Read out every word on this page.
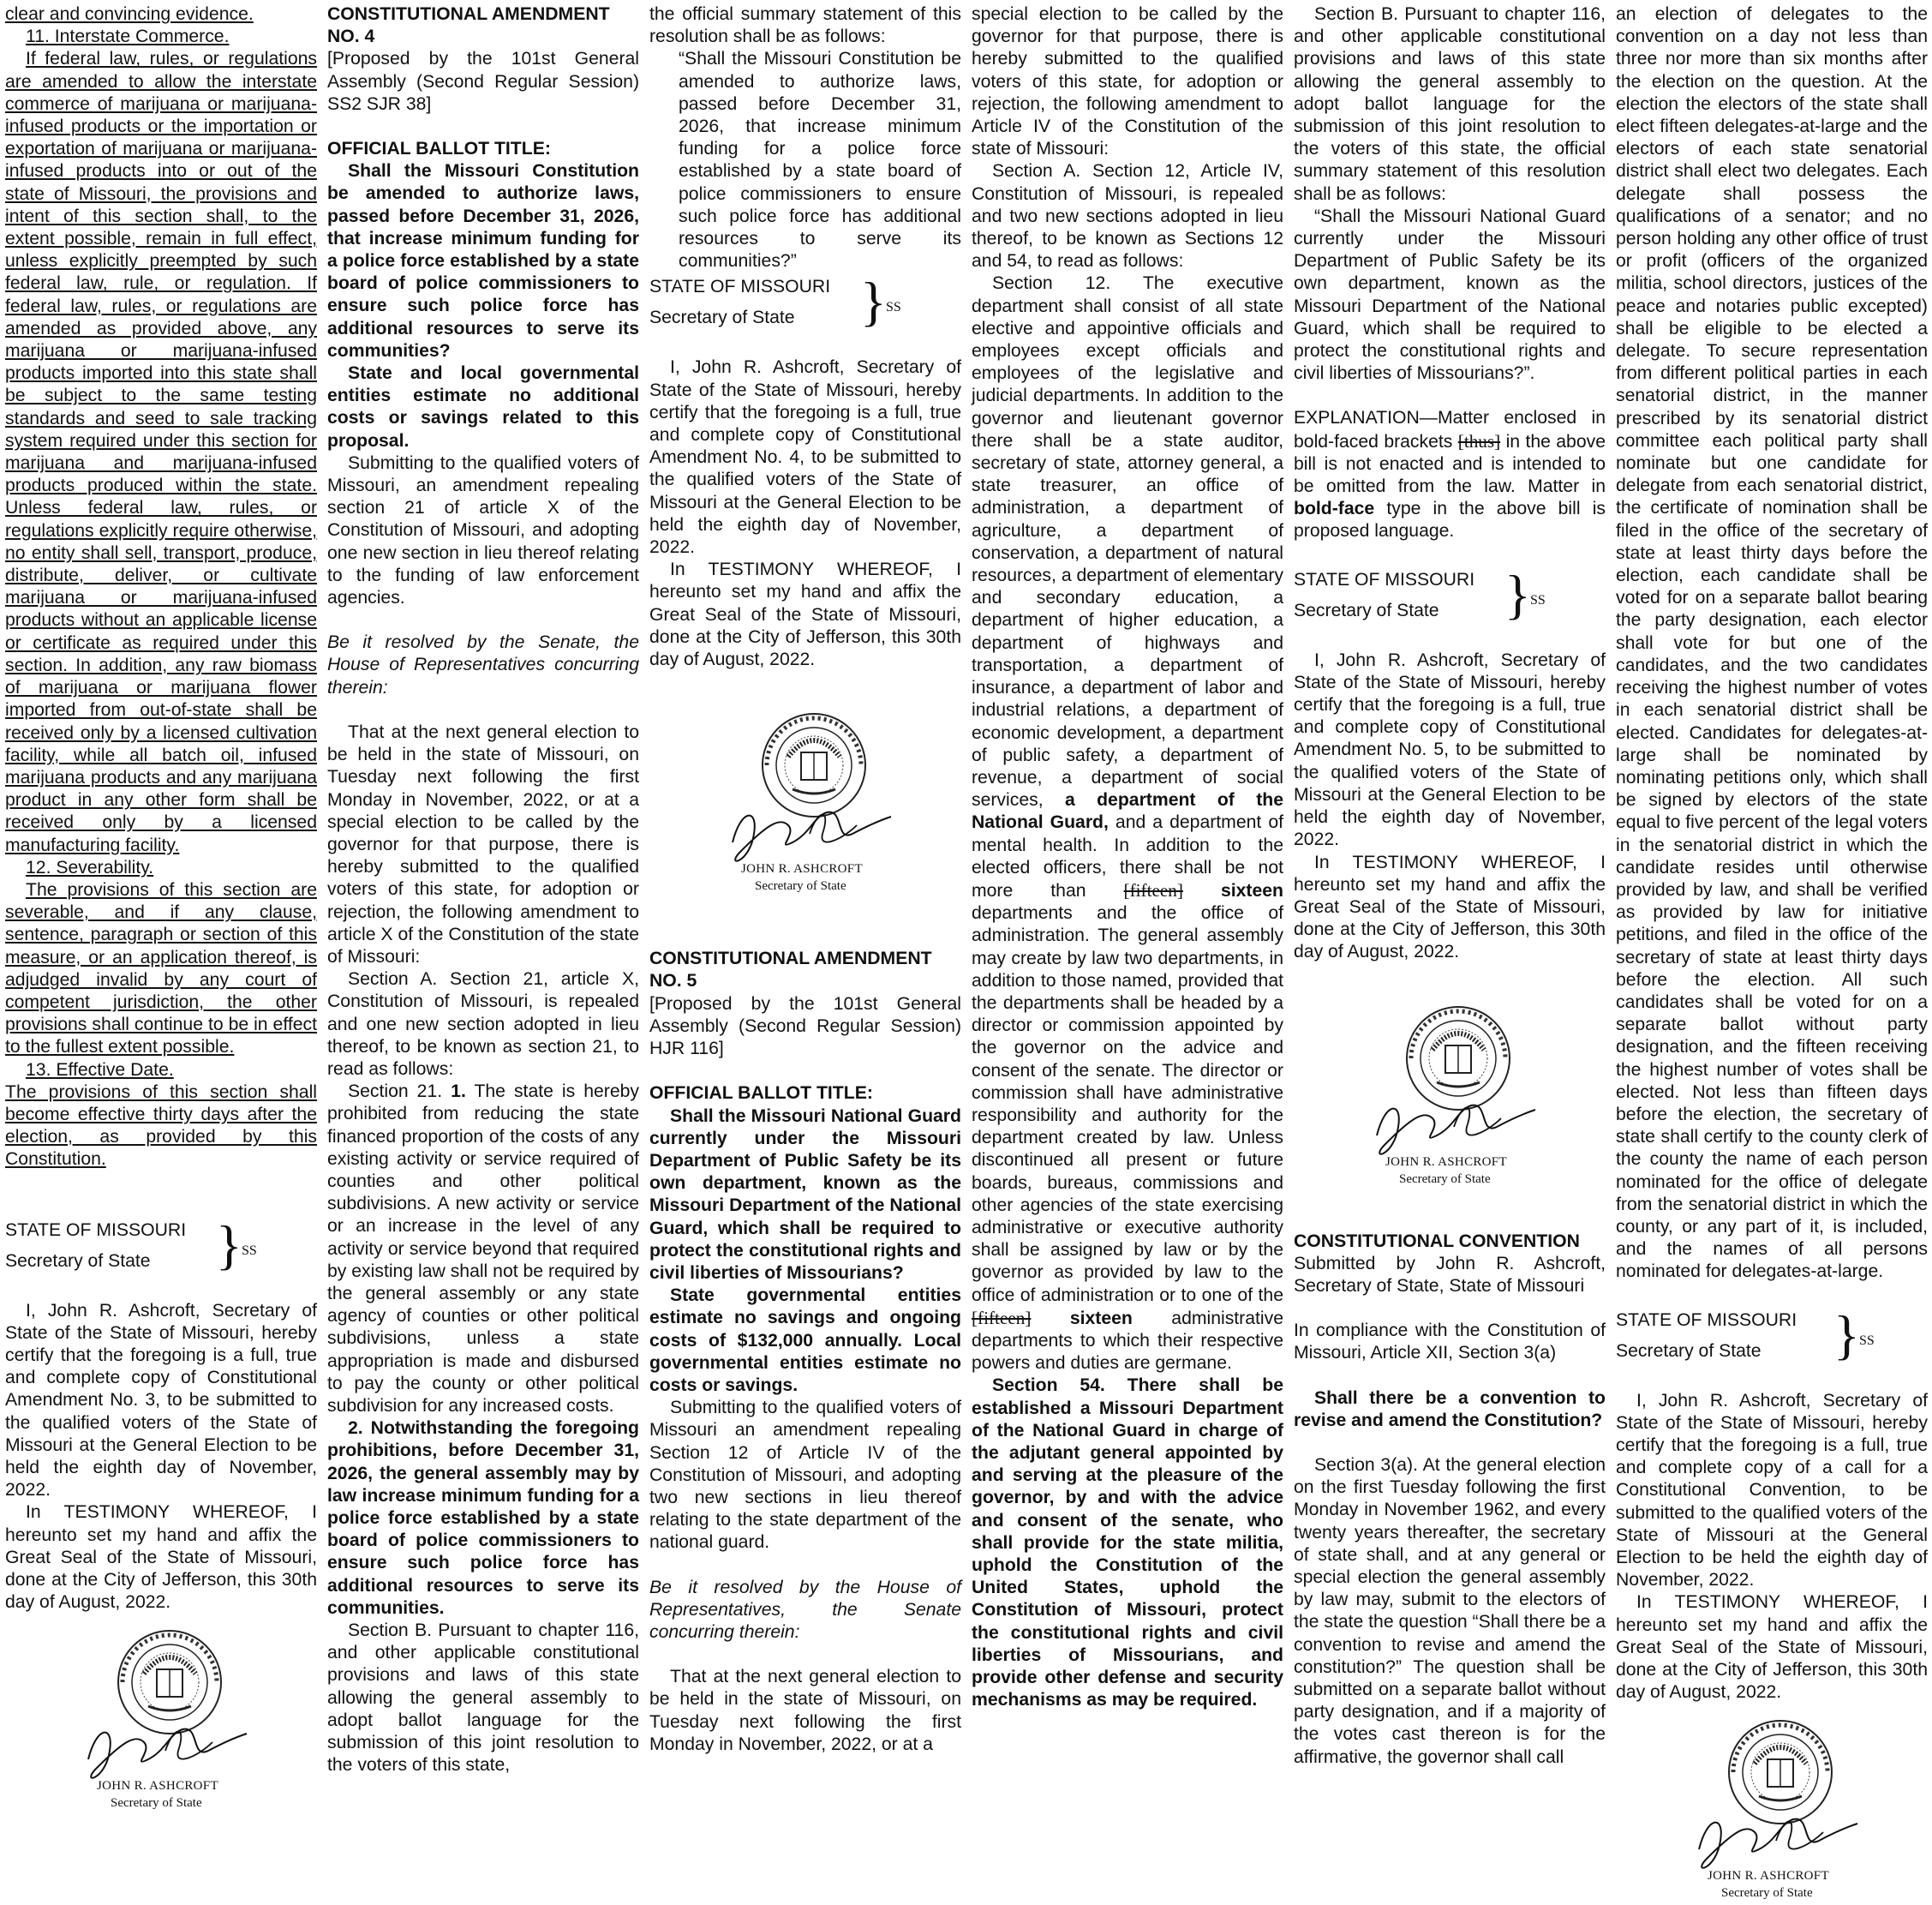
clear and convincing evidence.

11. Interstate Commerce.

If federal law, rules, or regulations are amended to allow the interstate commerce of marijuana or marijuana-infused products or the importation or exportation of marijuana or marijuana-infused products into or out of the state of Missouri, the provisions and intent of this section shall, to the extent possible, remain in full effect, unless explicitly preempted by such federal law, rule, or regulation. If federal law, rules, or regulations are amended as provided above, any marijuana or marijuana-infused products imported into this state shall be subject to the same testing standards and seed to sale tracking system required under this section for marijuana and marijuana-infused products produced within the state. Unless federal law, rules, or regulations explicitly require otherwise, no entity shall sell, transport, produce, distribute, deliver, or cultivate marijuana or marijuana-infused products without an applicable license or certificate as required under this section. In addition, any raw biomass of marijuana or marijuana flower imported from out-of-state shall be received only by a licensed cultivation facility, while all batch oil, infused marijuana products and any marijuana product in any other form shall be received only by a licensed manufacturing facility.

12. Severability.

The provisions of this section are severable, and if any clause, sentence, paragraph or section of this measure, or an application thereof, is adjudged invalid by any court of competent jurisdiction, the other provisions shall continue to be in effect to the fullest extent possible.

13. Effective Date.

The provisions of this section shall become effective thirty days after the election, as provided by this Constitution.

STATE OF MISSOURI
Secretary of State } SS

I, John R. Ashcroft, Secretary of State of the State of Missouri, hereby certify that the foregoing is a full, true and complete copy of Constitutional Amendment No. 3, to be submitted to the qualified voters of the State of Missouri at the General Election to be held the eighth day of November, 2022.

In TESTIMONY WHEREOF, I hereunto set my hand and affix the Great Seal of the State of Missouri, done at the City of Jefferson, this 30th day of August, 2022.

JOHN R. ASHCROFT
Secretary of State

CONSTITUTIONAL AMENDMENT NO. 4

[Proposed by the 101st General Assembly (Second Regular Session) SS2 SJR 38]

OFFICIAL BALLOT TITLE:

Shall the Missouri Constitution be amended to authorize laws, passed before December 31, 2026, that increase minimum funding for a police force established by a state board of police commissioners to ensure such police force has additional resources to serve its communities?

State and local governmental entities estimate no additional costs or savings related to this proposal.

Submitting to the qualified voters of Missouri, an amendment repealing section 21 of article X of the Constitution of Missouri, and adopting one new section in lieu thereof relating to the funding of law enforcement agencies.

Be it resolved by the Senate, the House of Representatives concurring therein:

That at the next general election to be held in the state of Missouri, on Tuesday next following the first Monday in November, 2022, or at a special election to be called by the governor for that purpose, there is hereby submitted to the qualified voters of this state, for adoption or rejection, the following amendment to article X of the Constitution of the state of Missouri:

Section A. Section 21, article X, Constitution of Missouri, is repealed and one new section adopted in lieu thereof, to be known as section 21, to read as follows:

Section 21. 1. The state is hereby prohibited from reducing the state financed proportion of the costs of any existing activity or service required of counties and other political subdivisions. A new activity or service or an increase in the level of any activity or service beyond that required by existing law shall not be required by the general assembly or any state agency of counties or other political subdivisions, unless a state appropriation is made and disbursed to pay the county or other political subdivision for any increased costs.

2. Notwithstanding the foregoing prohibitions, before December 31, 2026, the general assembly may by law increase minimum funding for a police force established by a state board of police commissioners to ensure such police force has additional resources to serve its communities.

Section B. Pursuant to chapter 116, and other applicable constitutional provisions and laws of this state allowing the general assembly to adopt ballot language for the submission of this joint resolution to the voters of this state,

the official summary statement of this resolution shall be as follows:

“Shall the Missouri Constitution be amended to authorize laws, passed before December 31, 2026, that increase minimum funding for a police force established by a state board of police commissioners to ensure such police force has additional resources to serve its communities?”

STATE OF MISSOURI
Secretary of State } SS

I, John R. Ashcroft, Secretary of State of the State of Missouri, hereby certify that the foregoing is a full, true and complete copy of Constitutional Amendment No. 4, to be submitted to the qualified voters of the State of Missouri at the General Election to be held the eighth day of November, 2022.

In TESTIMONY WHEREOF, I hereunto set my hand and affix the Great Seal of the State of Missouri, done at the City of Jefferson, this 30th day of August, 2022.

JOHN R. ASHCROFT
Secretary of State

CONSTITUTIONAL AMENDMENT NO. 5

[Proposed by the 101st General Assembly (Second Regular Session) HJR 116]

OFFICIAL BALLOT TITLE:

Shall the Missouri National Guard currently under the Missouri Department of Public Safety be its own department, known as the Missouri Department of the National Guard, which shall be required to protect the constitutional rights and civil liberties of Missourians?

State governmental entities estimate no savings and ongoing costs of $132,000 annually. Local governmental entities estimate no costs or savings.

Submitting to the qualified voters of Missouri an amendment repealing Section 12 of Article IV of the Constitution of Missouri, and adopting two new sections in lieu thereof relating to the state department of the national guard.

Be it resolved by the House of Representatives, the Senate concurring therein:

That at the next general election to be held in the state of Missouri, on Tuesday next following the first Monday in November, 2022, or at a

special election to be called by the governor for that purpose, there is hereby submitted to the qualified voters of this state, for adoption or rejection, the following amendment to Article IV of the Constitution of the state of Missouri:

Section A. Section 12, Article IV, Constitution of Missouri, is repealed and two new sections adopted in lieu thereof, to be known as Sections 12 and 54, to read as follows:

Section 12. The executive department shall consist of all state elective and appointive officials and employees except officials and employees of the legislative and judicial departments. In addition to the governor and lieutenant governor there shall be a state auditor, secretary of state, attorney general, a state treasurer, an office of administration, a department of agriculture, a department of conservation, a department of natural resources, a department of elementary and secondary education, a department of higher education, a department of highways and transportation, a department of insurance, a department of labor and industrial relations, a department of economic development, a department of public safety, a department of revenue, a department of social services, a department of the National Guard, and a department of mental health. In addition to the elected officers, there shall be not more than [fifteen] sixteen departments and the office of administration. The general assembly may create by law two departments, in addition to those named, provided that the departments shall be headed by a director or commission appointed by the governor on the advice and consent of the senate. The director or commission shall have administrative responsibility and authority for the department created by law. Unless discontinued all present or future boards, bureaus, commissions and other agencies of the state exercising administrative or executive authority shall be assigned by law or by the governor as provided by law to the office of administration or to one of the [fifteen] sixteen administrative departments to which their respective powers and duties are germane.

Section 54. There shall be established a Missouri Department of the National Guard in charge of the adjutant general appointed by and serving at the pleasure of the governor, by and with the advice and consent of the senate, who shall provide for the state militia, uphold the Constitution of the United States, uphold the Constitution of Missouri, protect the constitutional rights and civil liberties of Missourians, and provide other defense and security mechanisms as may be required.

Section B. Pursuant to chapter 116, and other applicable constitutional provisions and laws of this state allowing the general assembly to adopt ballot language for the submission of this joint resolution to the voters of this state, the official summary statement of this resolution shall be as follows:

“Shall the Missouri National Guard currently under the Missouri Department of Public Safety be its own department, known as the Missouri Department of the National Guard, which shall be required to protect the constitutional rights and civil liberties of Missourians?”.

EXPLANATION—Matter enclosed in bold-faced brackets [thus] in the above bill is not enacted and is intended to be omitted from the law. Matter in bold-face type in the above bill is proposed language.

STATE OF MISSOURI
Secretary of State } SS

I, John R. Ashcroft, Secretary of State of the State of Missouri, hereby certify that the foregoing is a full, true and complete copy of Constitutional Amendment No. 5, to be submitted to the qualified voters of the State of Missouri at the General Election to be held the eighth day of November, 2022.

In TESTIMONY WHEREOF, I hereunto set my hand and affix the Great Seal of the State of Missouri, done at the City of Jefferson, this 30th day of August, 2022.

JOHN R. ASHCROFT
Secretary of State

CONSTITUTIONAL CONVENTION

Submitted by John R. Ashcroft, Secretary of State, State of Missouri

In compliance with the Constitution of Missouri, Article XII, Section 3(a)

Shall there be a convention to revise and amend the Constitution?

Section 3(a). At the general election on the first Tuesday following the first Monday in November 1962, and every twenty years thereafter, the secretary of state shall, and at any general or special election the general assembly by law may, submit to the electors of the state the question “Shall there be a convention to revise and amend the constitution?” The question shall be submitted on a separate ballot without party designation, and if a majority of the votes cast thereon is for the affirmative, the governor shall call

an election of delegates to the convention on a day not less than three nor more than six months after the election on the question. At the election the electors of the state shall elect fifteen delegates-at-large and the electors of each state senatorial district shall elect two delegates. Each delegate shall possess the qualifications of a senator; and no person holding any other office of trust or profit (officers of the organized militia, school directors, justices of the peace and notaries public excepted) shall be eligible to be elected a delegate. To secure representation from different political parties in each senatorial district, in the manner prescribed by its senatorial district committee each political party shall nominate but one candidate for delegate from each senatorial district, the certificate of nomination shall be filed in the office of the secretary of state at least thirty days before the election, each candidate shall be voted for on a separate ballot bearing the party designation, each elector shall vote for but one of the candidates, and the two candidates receiving the highest number of votes in each senatorial district shall be elected. Candidates for delegates-at-large shall be nominated by nominating petitions only, which shall be signed by electors of the state equal to five percent of the legal voters in the senatorial district in which the candidate resides until otherwise provided by law, and shall be verified as provided by law for initiative petitions, and filed in the office of the secretary of state at least thirty days before the election. All such candidates shall be voted for on a separate ballot without party designation, and the fifteen receiving the highest number of votes shall be elected. Not less than fifteen days before the election, the secretary of state shall certify to the county clerk of the county the name of each person nominated for the office of delegate from the senatorial district in which the county, or any part of it, is included, and the names of all persons nominated for delegates-at-large.

STATE OF MISSOURI
Secretary of State } SS

I, John R. Ashcroft, Secretary of State of the State of Missouri, hereby certify that the foregoing is a full, true and complete copy of a call for a Constitutional Convention, to be submitted to the qualified voters of the State of Missouri at the General Election to be held the eighth day of November, 2022.

In TESTIMONY WHEREOF, I hereunto set my hand and affix the Great Seal of the State of Missouri, done at the City of Jefferson, this 30th day of August, 2022.

JOHN R. ASHCROFT
Secretary of State
